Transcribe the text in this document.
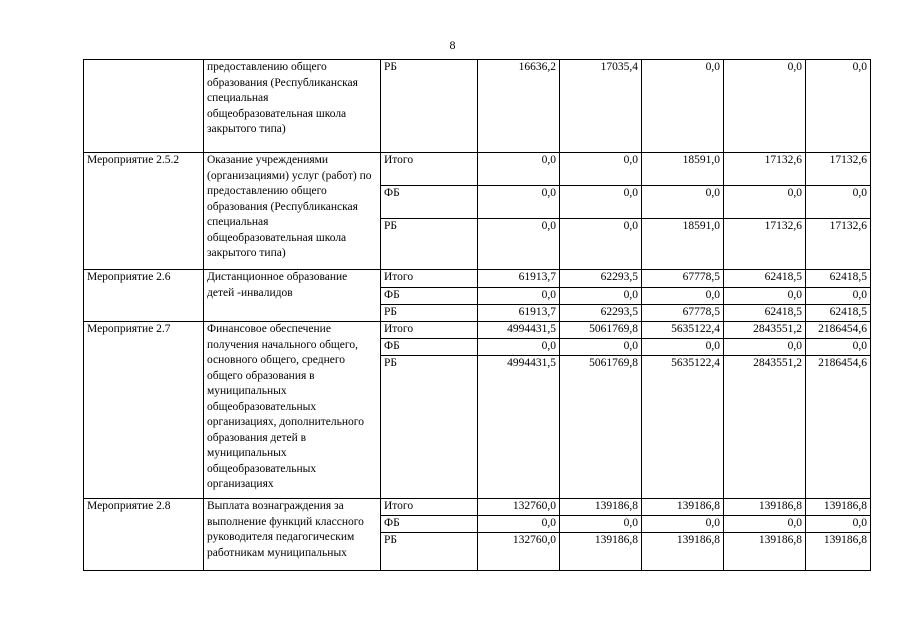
8
	предоставлению общего образования (Республиканская специальная общеобразовательная школа закрытого типа)	РБ	16636,2	17035,4	0,0	0,0	0,0
Мероприятие 2.5.2	Оказание учреждениями (организациями) услуг (работ) по предоставлению общего образования (Республиканская специальная общеобразовательная школа закрытого типа)	Итого	0,0	0,0	18591,0	17132,6	17132,6
		ФБ	0,0	0,0	0,0	0,0	0,0
		РБ	0,0	0,0	18591,0	17132,6	17132,6
Мероприятие 2.6	Дистанционное образование детей -инвалидов	Итого	61913,7	62293,5	67778,5	62418,5	62418,5
		ФБ	0,0	0,0	0,0	0,0	0,0
		РБ	61913,7	62293,5	67778,5	62418,5	62418,5
Мероприятие 2.7	Финансовое обеспечение получения начального общего, основного общего, среднего общего образования в муниципальных общеобразовательных организациях, дополнительного образования детей в муниципальных общеобразовательных организациях	Итого	4994431,5	5061769,8	5635122,4	2843551,2	2186454,6
		ФБ	0,0	0,0	0,0	0,0	0,0
		РБ	4994431,5	5061769,8	5635122,4	2843551,2	2186454,6
Мероприятие 2.8	Выплата вознаграждения за выполнение функций классного руководителя педагогическим работникам муниципальных	Итого	132760,0	139186,8	139186,8	139186,8	139186,8
		ФБ	0,0	0,0	0,0	0,0	0,0
		РБ	132760,0	139186,8	139186,8	139186,8	139186,8
